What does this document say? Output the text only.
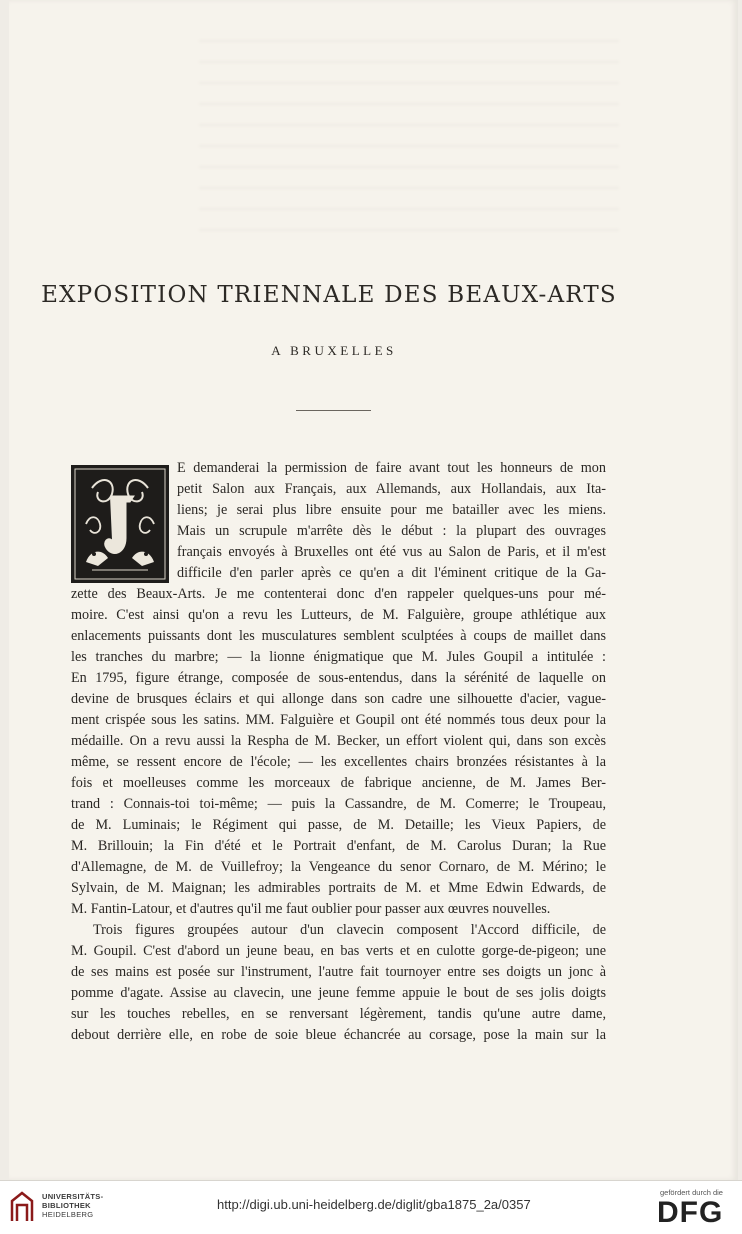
EXPOSITION TRIENNALE DES BEAUX-ARTS
A BRUXELLES
E demanderai la permission de faire avant tout les honneurs de mon
petit Salon aux Français, aux Allemands, aux Hollandais, aux Ita-
liens; je serai plus libre ensuite pour me batailler avec les miens.
Mais un scrupule m'arrête dès le début : la plupart des ouvrages
français envoyés à Bruxelles ont été vus au Salon de Paris, et il m'est
difficile d'en parler après ce qu'en a dit l'éminent critique de la Ga-
zette des Beaux-Arts. Je me contenterai donc d'en rappeler quelques-uns pour mé-
moire. C'est ainsi qu'on a revu les Lutteurs, de M. Falguière, groupe athlétique aux
enlacements puissants dont les musculatures semblent sculptées à coups de maillet dans
les tranches du marbre; — la lionne énigmatique que M. Jules Goupil a intitulée :
En 1795, figure étrange, composée de sous-entendus, dans la sérénité de laquelle on
devine de brusques éclairs et qui allonge dans son cadre une silhouette d'acier, vague-
ment crispée sous les satins. MM. Falguière et Goupil ont été nommés tous deux pour la
médaille. On a revu aussi la Respha de M. Becker, un effort violent qui, dans son excès
même, se ressent encore de l'école; — les excellentes chairs bronzées résistantes à la
fois et moelleuses comme les morceaux de fabrique ancienne, de M. James Ber-
trand : Connais-toi toi-même; — puis la Cassandre, de M. Comerre; le Troupeau,
de M. Luminais; le Régiment qui passe, de M. Detaille; les Vieux Papiers, de
M. Brillouin; la Fin d'été et le Portrait d'enfant, de M. Carolus Duran; la Rue
d'Allemagne, de M. de Vuillefroy; la Vengeance du senor Cornaro, de M. Mérino; le
Sylvain, de M. Maignan; les admirables portraits de M. et Mme Edwin Edwards, de
M. Fantin-Latour, et d'autres qu'il me faut oublier pour passer aux œuvres nouvelles.
Trois figures groupées autour d'un clavecin composent l'Accord difficile, de
M. Goupil. C'est d'abord un jeune beau, en bas verts et en culotte gorge-de-pigeon; une
de ses mains est posée sur l'instrument, l'autre fait tournoyer entre ses doigts un jonc à
pomme d'agate. Assise au clavecin, une jeune femme appuie le bout de ses jolis doigts
sur les touches rebelles, en se renversant légèrement, tandis qu'une autre dame,
debout derrière elle, en robe de soie bleue échancrée au corsage, pose la main sur la
UNIVERSITÄTS-
BIBLIOTHEK
HEIDELBERG
http://digi.ub.uni-heidelberg.de/diglit/gba1875_2a/0357
gefördert durch die
DFG
